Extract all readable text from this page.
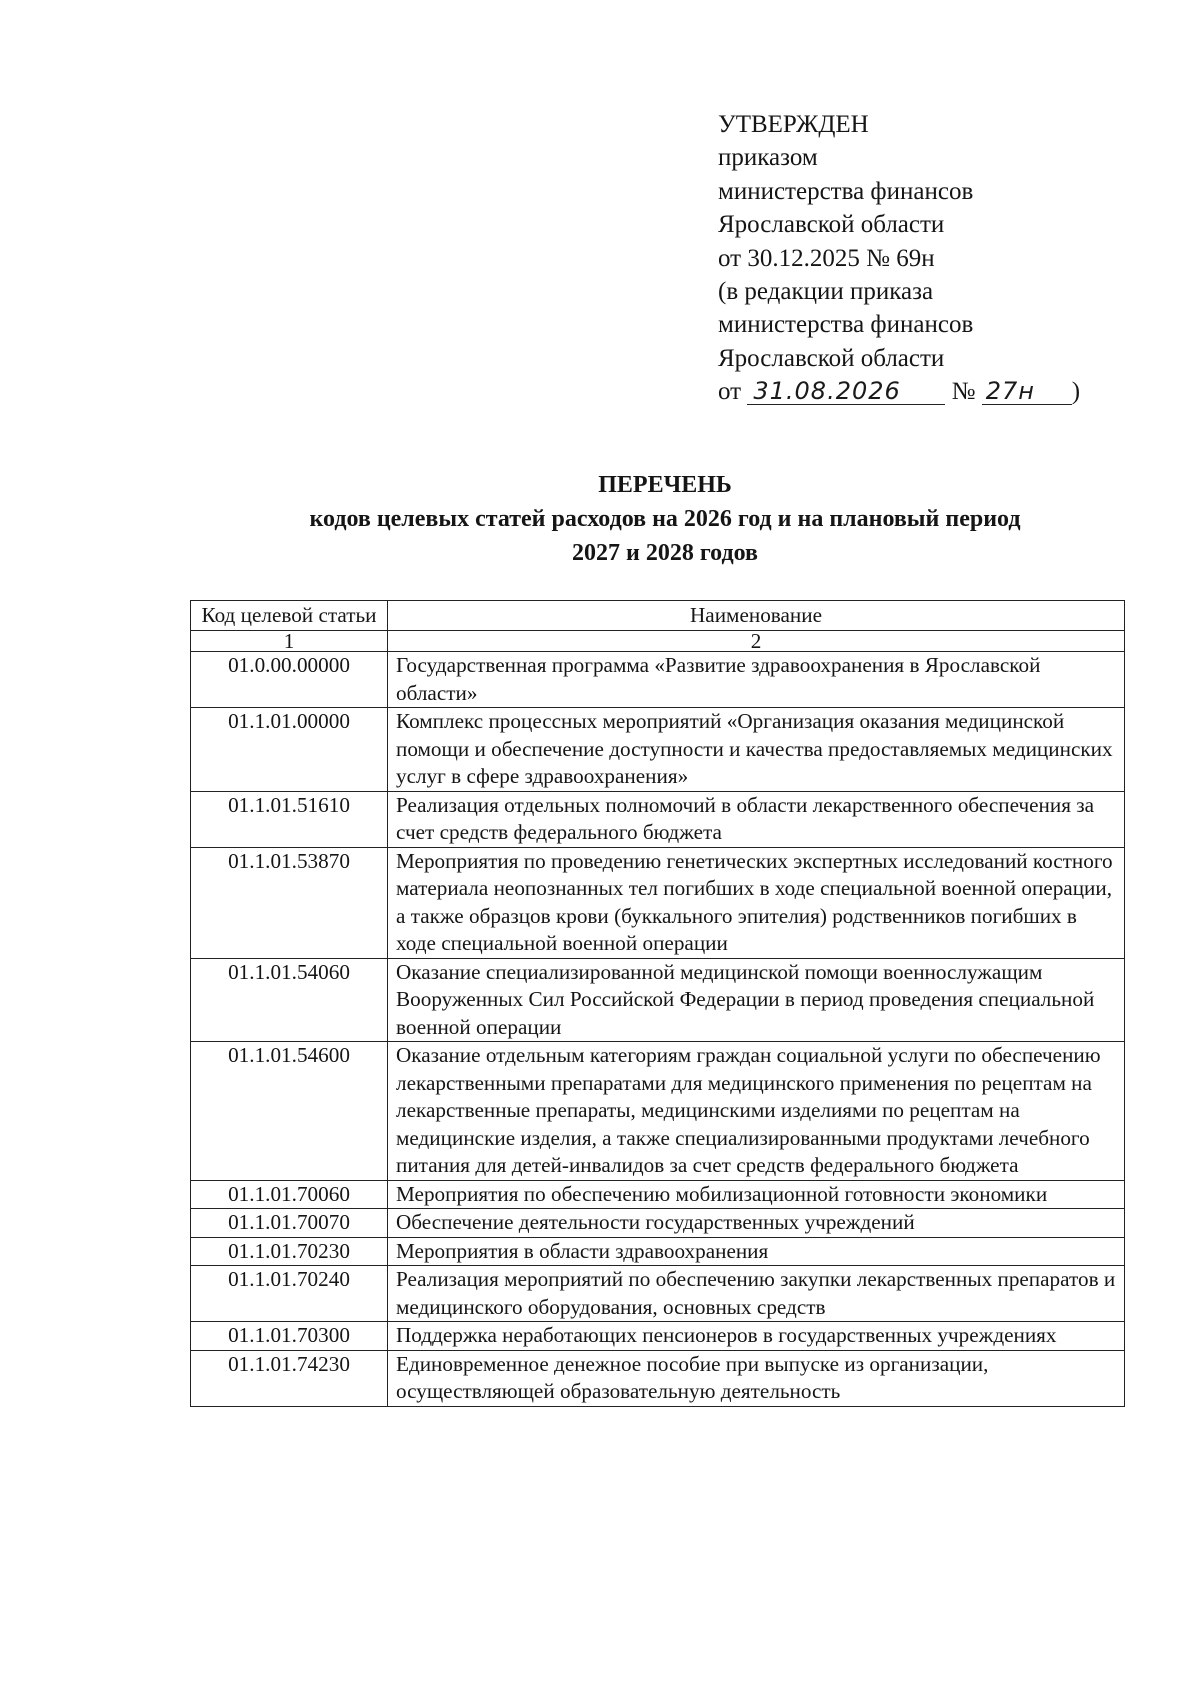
УТВЕРЖДЕН
приказом
министерства финансов
Ярославской области
от 30.12.2025 № 69н
(в редакции приказа
министерства финансов
Ярославской области
от 31.08.2026 № 27н )
ПЕРЕЧЕНЬ
кодов целевых статей расходов на 2026 год и на плановый период
2027 и 2028 годов
Код целевой статьи	Наименование
1	2
01.0.00.00000	Государственная программа «Развитие здравоохранения в Ярославской области»
01.1.01.00000	Комплекс процессных мероприятий «Организация оказания медицинской помощи и обеспечение доступности и качества предоставляемых медицинских услуг в сфере здравоохранения»
01.1.01.51610	Реализация отдельных полномочий в области лекарственного обеспечения за счет средств федерального бюджета
01.1.01.53870	Мероприятия по проведению генетических экспертных исследований костного материала неопознанных тел погибших в ходе специальной военной операции, а также образцов крови (буккального эпителия) родственников погибших в ходе специальной военной операции
01.1.01.54060	Оказание специализированной медицинской помощи военнослужащим Вооруженных Сил Российской Федерации в период проведения специальной военной операции
01.1.01.54600	Оказание отдельным категориям граждан социальной услуги по обеспечению лекарственными препаратами для медицинского применения по рецептам на лекарственные препараты, медицинскими изделиями по рецептам на медицинские изделия, а также специализированными продуктами лечебного питания для детей-инвалидов за счет средств федерального бюджета
01.1.01.70060	Мероприятия по обеспечению мобилизационной готовности экономики
01.1.01.70070	Обеспечение деятельности государственных учреждений
01.1.01.70230	Мероприятия в области здравоохранения
01.1.01.70240	Реализация мероприятий по обеспечению закупки лекарственных препаратов и медицинского оборудования, основных средств
01.1.01.70300	Поддержка неработающих пенсионеров в государственных учреждениях
01.1.01.74230	Единовременное денежное пособие при выпуске из организации, осуществляющей образовательную деятельность
